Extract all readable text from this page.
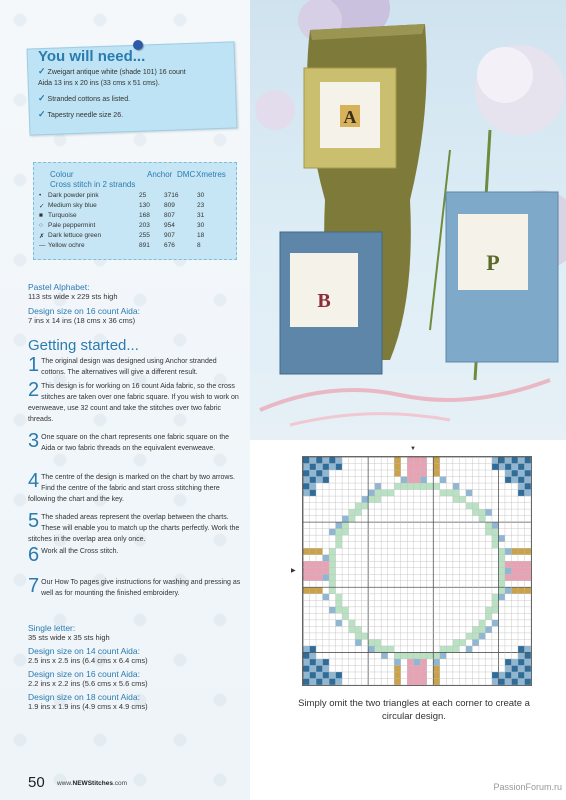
You will need...
✓ Zweigart antique white (shade 101) 16 count Aida 13 ins x 20 ins (33 cms x 51 cms).
✓ Stranded cottons as listed.
✓ Tapestry needle size 26.
Colour	Anchor DMC Xmetres
Cross stitch in 2 strands
• Dark powder pink	25	3716	30
✓ Medium sky blue	130 809	23
■ Turquoise	168 807	31
○ Pale peppermint	203 954	30
✗ Dark lettuce green	255 907	18
— Yellow ochre	891 676	8
Pastel Alphabet:
113 sts wide x 229 sts high
Design size on 16 count Aida:
7 ins x 14 ins (18 cms x 36 cms)
Getting started...
1 The original design was designed using Anchor stranded cottons. The alternatives will give a different result.
2 This design is for working on 16 count Aida fabric, so the cross stitches are taken over one fabric square. If you wish to work on evenweave, use 32 count and take the stitches over two fabric threads.
3 One square on the chart represents one fabric square on the Aida or two fabric threads on the equivalent evenweave.
4 The centre of the design is marked on the chart by two arrows. Find the centre of the fabric and start cross stitching there following the chart and the key.
5 The shaded areas represent the overlap between the charts. These will enable you to match up the charts perfectly. Work the stitches in the overlap area only once.
6 Work all the Cross stitch.
7 Our How To pages give instructions for washing and pressing as well as for mounting the finished embroidery.
Single letter:
35 sts wide x 35 sts high
Design size on 14 count Aida:
2.5 ins x 2.5 ins (6.4 cms x 6.4 cms)
Design size on 16 count Aida:
2.2 ins x 2.2 ins (5.6 cms x 5.6 cms)
Design size on 18 count Aida:
1.9 ins x 1.9 ins (4.9 cms x 4.9 cms)
A
P
B
▼
▶
Simply omit the two triangles at each corner to create a circular design.
50 www.NEWStitches.com	PassionForum.ru
